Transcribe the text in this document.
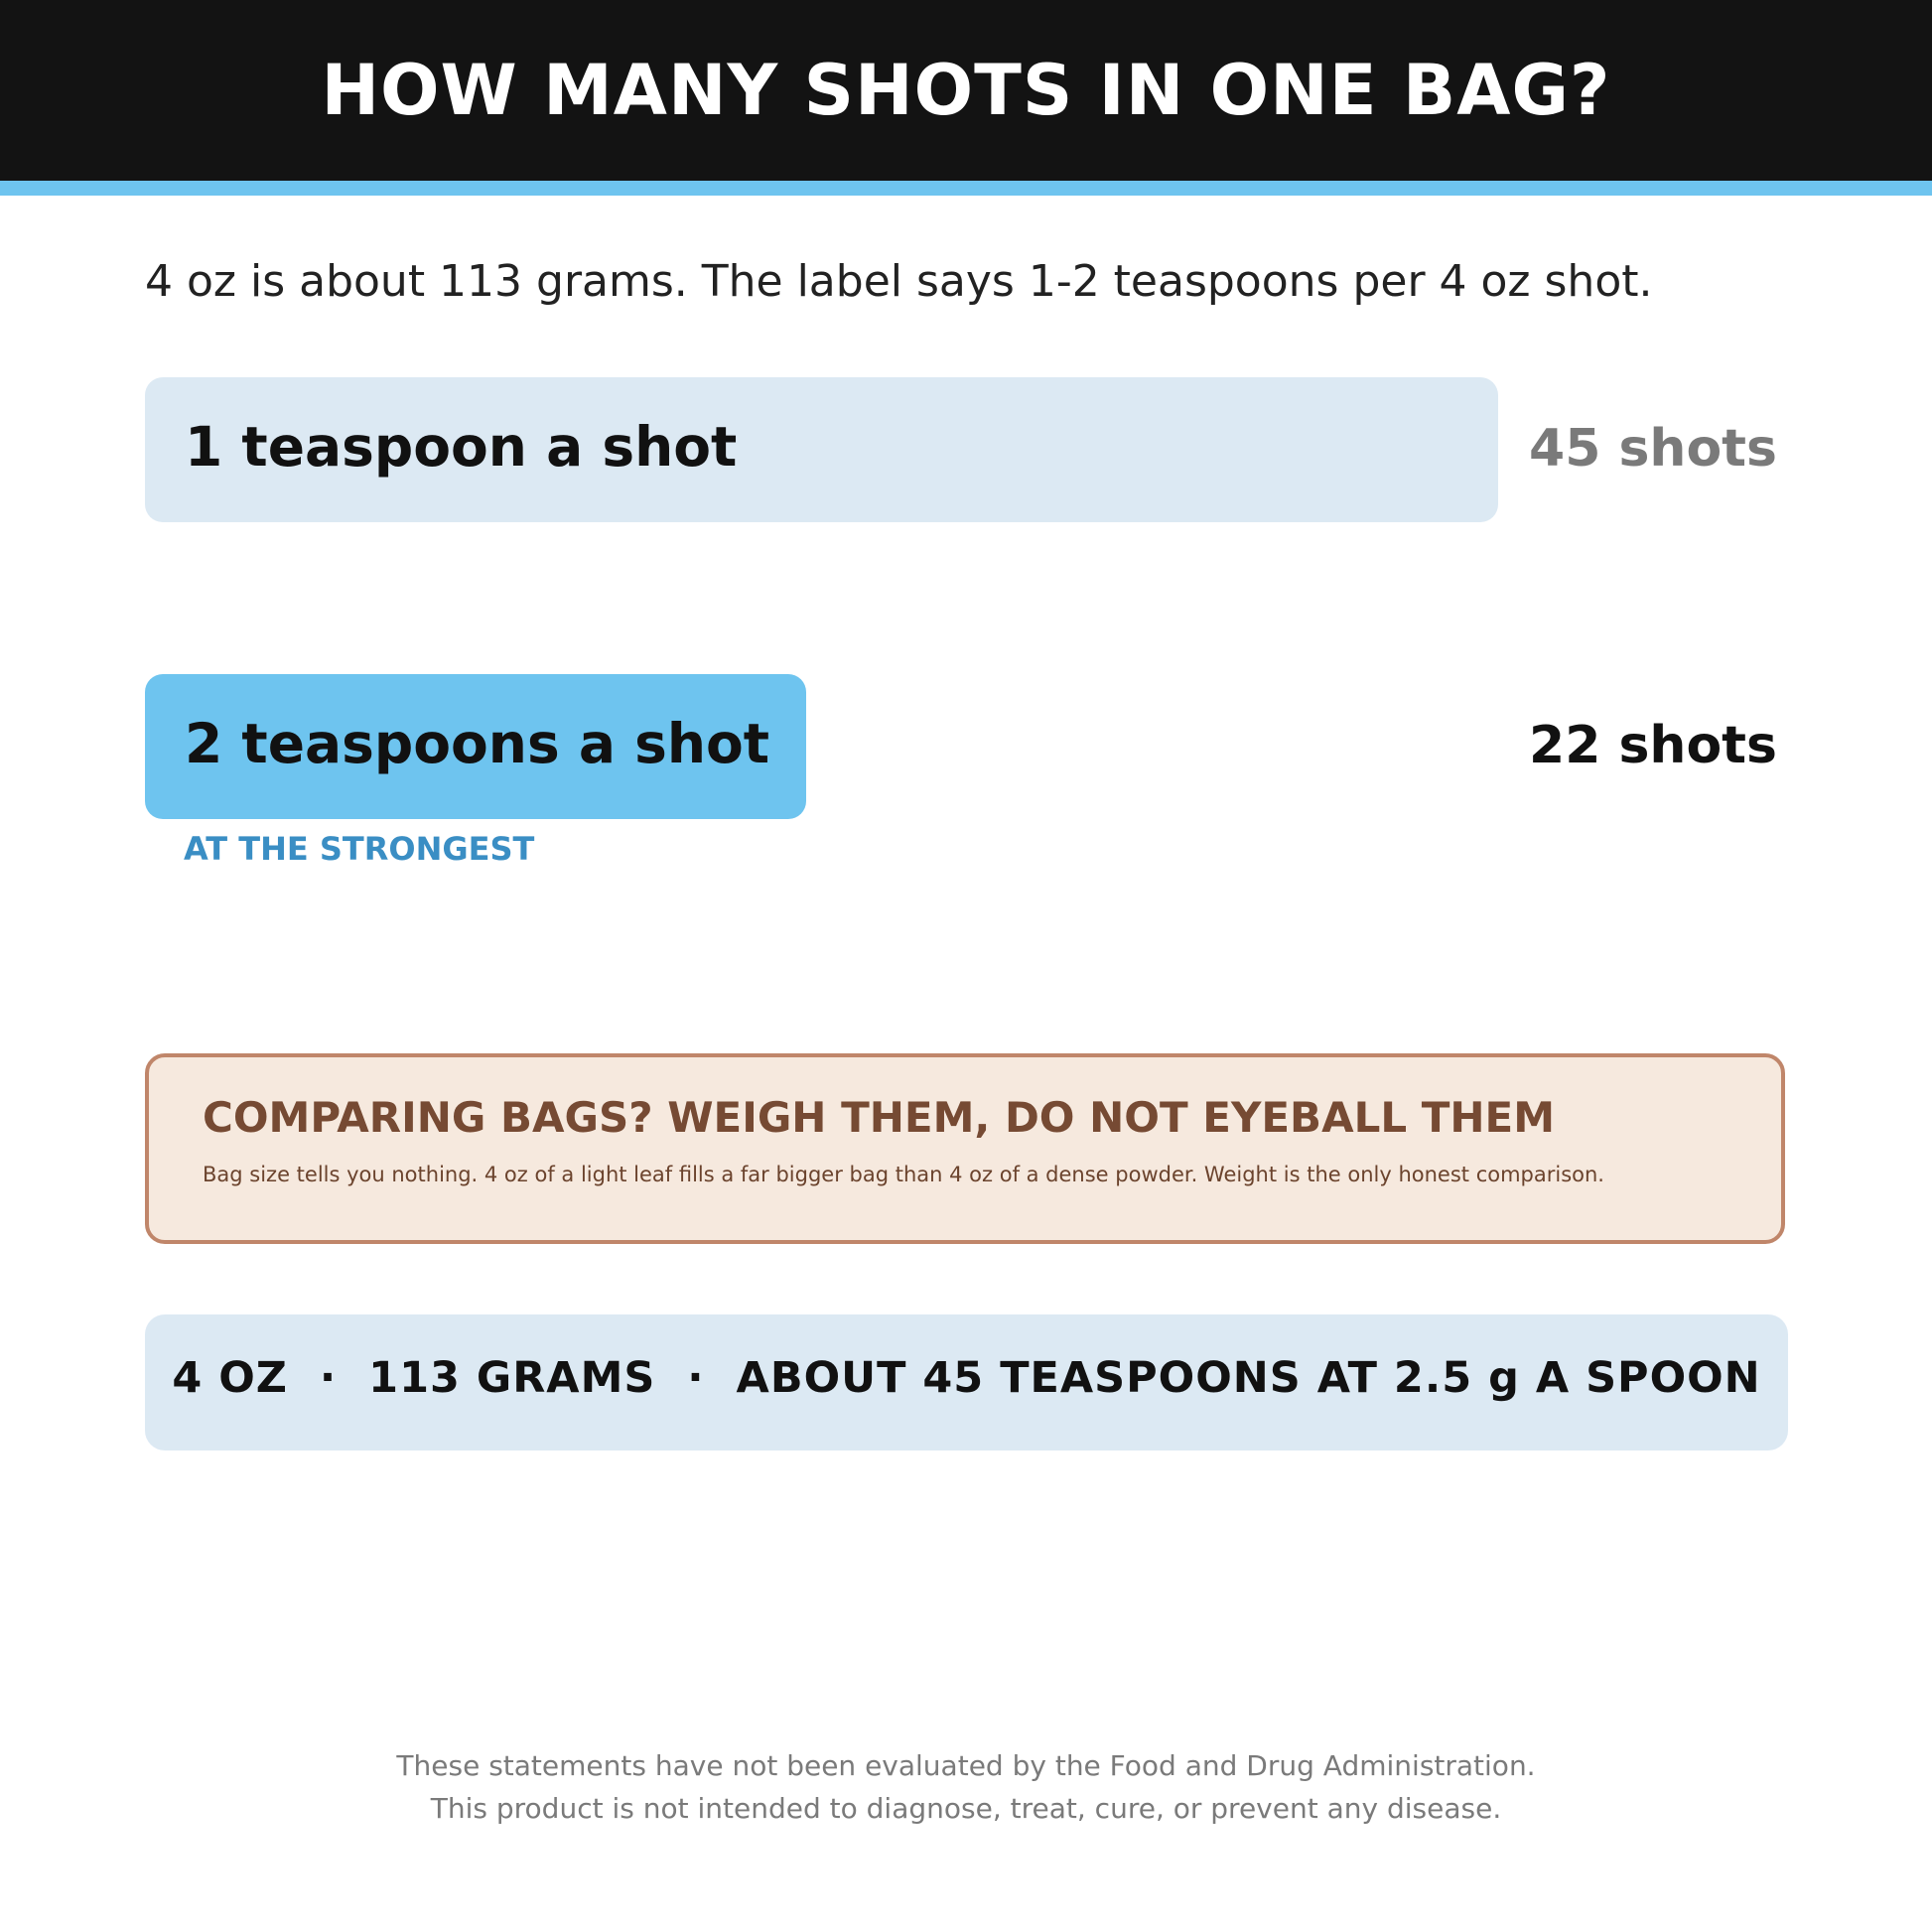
HOW MANY SHOTS IN ONE BAG?
4 oz is about 113 grams. The label says 1-2 teaspoons per 4 oz shot.
1 teaspoon a shot	45 shots
2 teaspoons a shot	22 shots
AT THE STRONGEST
COMPARING BAGS? WEIGH THEM, DO NOT EYEBALL THEM
Bag size tells you nothing. 4 oz of a light leaf fills a far bigger bag than 4 oz of a dense powder. Weight is the only honest comparison.
4 OZ  ·  113 GRAMS  ·  ABOUT 45 TEASPOONS AT 2.5 g A SPOON
These statements have not been evaluated by the Food and Drug Administration.
This product is not intended to diagnose, treat, cure, or prevent any disease.
